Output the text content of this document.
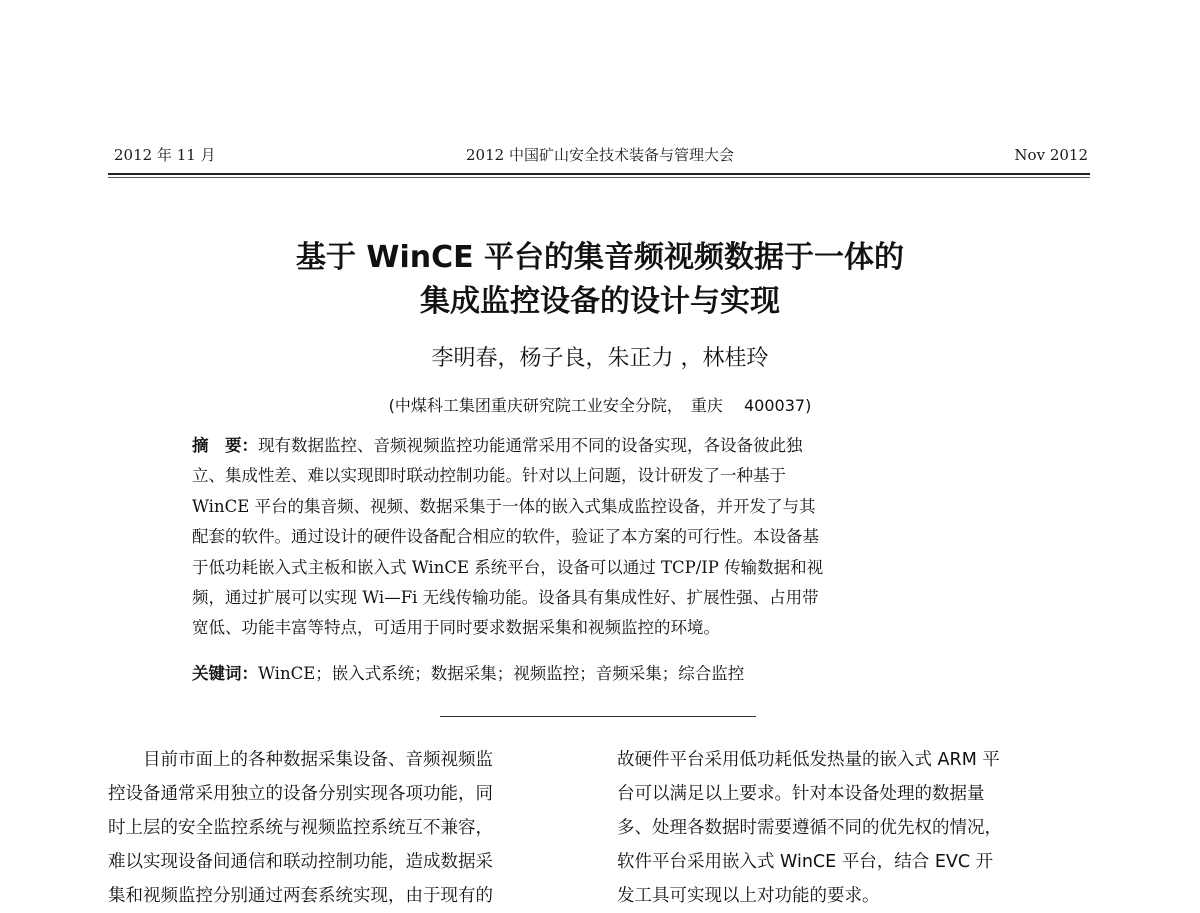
2012 年 11 月	2012 中国矿山安全技术装备与管理大会	Nov 2012
基于 WinCE 平台的集音频视频数据于一体的
集成监控设备的设计与实现
李明春，杨子良，朱正力 ，林桂玲
(中煤科工集团重庆研究院工业安全分院，　重庆　 400037)
摘　要：现有数据监控、音频视频监控功能通常采用不同的设备实现，各设备彼此独
立、集成性差、难以实现即时联动控制功能。针对以上问题，设计研发了一种基于
WinCE 平台的集音频、视频、数据采集于一体的嵌入式集成监控设备，并开发了与其
配套的软件。通过设计的硬件设备配合相应的软件，验证了本方案的可行性。本设备基
于低功耗嵌入式主板和嵌入式 WinCE 系统平台，设备可以通过 TCP/IP 传输数据和视
频，通过扩展可以实现 Wi—Fi 无线传输功能。设备具有集成性好、扩展性强、占用带
宽低、功能丰富等特点，可适用于同时要求数据采集和视频监控的环境。
关键词：WinCE；嵌入式系统；数据采集；视频监控；音频采集；综合监控
　　目前市面上的各种数据采集设备、音频视频监
控设备通常采用独立的设备分别实现各项功能，同
时上层的安全监控系统与视频监控系统互不兼容，
难以实现设备间通信和联动控制功能，造成数据采
集和视频监控分别通过两套系统实现，由于现有的
故硬件平台采用低功耗低发热量的嵌入式 ARM 平
台可以满足以上要求。针对本设备处理的数据量
多、处理各数据时需要遵循不同的优先权的情况，
软件平台采用嵌入式 WinCE 平台，结合 EVC 开
发工具可实现以上对功能的要求。
